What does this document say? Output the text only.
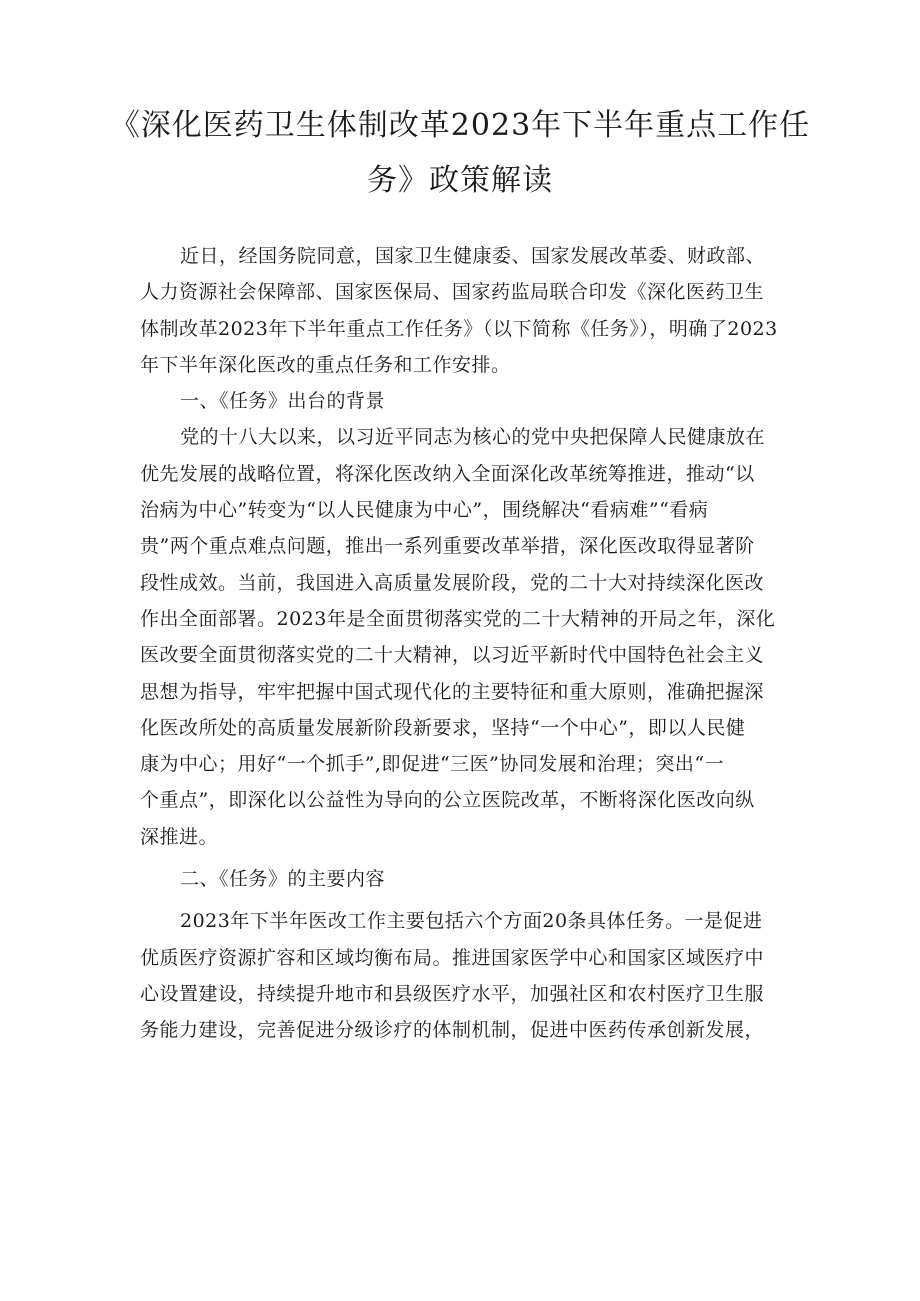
《深化医药卫生体制改革2023年下半年重点工作任
务》政策解读
近日，经国务院同意，国家卫生健康委、国家发展改革委、财政部、
人力资源社会保障部、国家医保局、国家药监局联合印发《深化医药卫生
体制改革2023年下半年重点工作任务》（以下简称《任务》），明确了2023
年下半年深化医改的重点任务和工作安排。
一、《任务》出台的背景
党的十八大以来，以习近平同志为核心的党中央把保障人民健康放在
优先发展的战略位置，将深化医改纳入全面深化改革统筹推进，推动“以
治病为中心”转变为“以人民健康为中心”，围绕解决“看病难”“看病
贵”两个重点难点问题，推出一系列重要改革举措，深化医改取得显著阶
段性成效。当前，我国进入高质量发展阶段，党的二十大对持续深化医改
作出全面部署。2023年是全面贯彻落实党的二十大精神的开局之年，深化
医改要全面贯彻落实党的二十大精神，以习近平新时代中国特色社会主义
思想为指导，牢牢把握中国式现代化的主要特征和重大原则，准确把握深
化医改所处的高质量发展新阶段新要求，坚持“一个中心”，即以人民健
康为中心；用好“一个抓手”,即促进“三医”协同发展和治理；突出“一
个重点”，即深化以公益性为导向的公立医院改革，不断将深化医改向纵
深推进。
二、《任务》的主要内容
2023年下半年医改工作主要包括六个方面20条具体任务。一是促进
优质医疗资源扩容和区域均衡布局。推进国家医学中心和国家区域医疗中
心设置建设，持续提升地市和县级医疗水平，加强社区和农村医疗卫生服
务能力建设，完善促进分级诊疗的体制机制，促进中医药传承创新发展，
